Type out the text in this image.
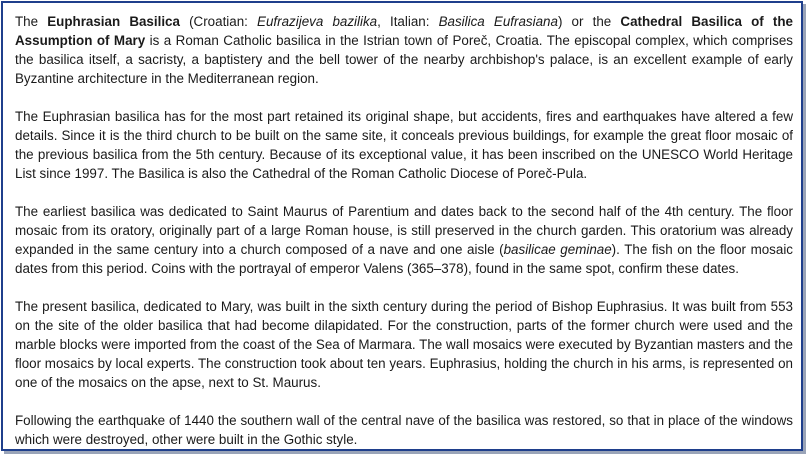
The Euphrasian Basilica (Croatian: Eufrazijeva bazilika, Italian: Basilica Eufrasiana) or the Cathedral Basilica of the Assumption of Mary is a Roman Catholic basilica in the Istrian town of Poreč, Croatia. The episcopal complex, which comprises the basilica itself, a sacristy, a baptistery and the bell tower of the nearby archbishop's palace, is an excellent example of early Byzantine architecture in the Mediterranean region.

The Euphrasian basilica has for the most part retained its original shape, but accidents, fires and earthquakes have altered a few details. Since it is the third church to be built on the same site, it conceals previous buildings, for example the great floor mosaic of the previous basilica from the 5th century. Because of its exceptional value, it has been inscribed on the UNESCO World Heritage List since 1997. The Basilica is also the Cathedral of the Roman Catholic Diocese of Poreč-Pula.

The earliest basilica was dedicated to Saint Maurus of Parentium and dates back to the second half of the 4th century. The floor mosaic from its oratory, originally part of a large Roman house, is still preserved in the church garden. This oratorium was already expanded in the same century into a church composed of a nave and one aisle (basilicae geminae). The fish on the floor mosaic dates from this period. Coins with the portrayal of emperor Valens (365–378), found in the same spot, confirm these dates.

The present basilica, dedicated to Mary, was built in the sixth century during the period of Bishop Euphrasius. It was built from 553 on the site of the older basilica that had become dilapidated. For the construction, parts of the former church were used and the marble blocks were imported from the coast of the Sea of Marmara. The wall mosaics were executed by Byzantian masters and the floor mosaics by local experts. The construction took about ten years. Euphrasius, holding the church in his arms, is represented on one of the mosaics on the apse, next to St. Maurus.

Following the earthquake of 1440 the southern wall of the central nave of the basilica was restored, so that in place of the windows which were destroyed, other were built in the Gothic style.
